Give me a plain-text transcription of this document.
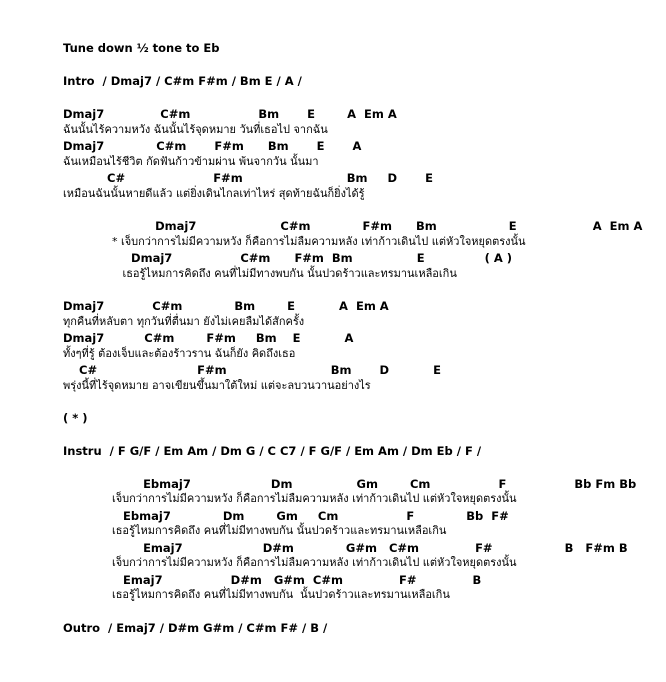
Tune down ½ tone to Eb
Intro  / Dmaj7 / C#m F#m / Bm E / A /
Dmaj7              C#m                 Bm       E        A  Em A
ฉันนั้นไร้ความหวัง ฉันนั้นไร้จุดหมาย วันที่เธอไป จากฉัน
Dmaj7             C#m       F#m      Bm       E       A
ฉันเหมือนไร้ชีวิต กัดฟันก้าวข้ามผ่าน พ้นจากวัน นั้นมา
C#                      F#m                          Bm     D       E
เหมือนฉันนั้นหายดีแล้ว แต่ยิ่งเดินไกลเท่าไหร่ สุดท้ายฉันก็ยิ่งได้รู้
Dmaj7                     C#m             F#m      Bm                  E                   A  Em A
* เจ็บกว่าการไม่มีความหวัง ก็คือการไม่ลืมความหลัง เท่าก้าวเดินไป แต่หัวใจหยุดตรงนั้น
Dmaj7                 C#m      F#m  Bm                E               ( A )
เธอรู้ไหมการคิดถึง คนที่ไม่มีทางพบกัน นั้นปวดร้าวและทรมานเหลือเกิน
Dmaj7            C#m             Bm        E           A  Em A
ทุกคืนที่หลับตา ทุกวันที่ตื่นมา ยังไม่เคยลืมได้สักครั้ง
Dmaj7          C#m        F#m     Bm    E           A
ทั้งๆที่รู้ ต้องเจ็บและต้องร้าวราน ฉันก็ยัง คิดถึงเธอ
C#                         F#m                          Bm       D           E
พรุ่งนี้ที่ไร้จุดหมาย อาจเขียนขึ้นมาใต้ใหม่ แต่จะลบวนวานอย่างไร
( * )
Instru  / F G/F / Em Am / Dm G / C C7 / F G/F / Em Am / Dm Eb / F /
Ebmaj7                    Dm                Gm        Cm                 F                 Bb Fm Bb
เจ็บกว่าการไม่มีความหวัง ก็คือการไม่ลืมความหลัง เท่าก้าวเดินไป แต่หัวใจหยุดตรงนั้น
Ebmaj7             Dm        Gm     Cm                 F             Bb  F#
เธอรู้ไหมการคิดถึง คนที่ไม่มีทางพบกัน นั้นปวดร้าวและทรมานเหลือเกิน
Emaj7                    D#m             G#m   C#m              F#                  B   F#m B
เจ็บกว่าการไม่มีความหวัง ก็คือการไม่ลืมความหลัง เท่าก้าวเดินไป แต่หัวใจหยุดตรงนั้น
Emaj7                 D#m   G#m  C#m              F#              B
เธอรู้ไหมการคิดถึง คนที่ไม่มีทางพบกัน  นั้นปวดร้าวและทรมานเหลือเกิน
Outro  / Emaj7 / D#m G#m / C#m F# / B /
